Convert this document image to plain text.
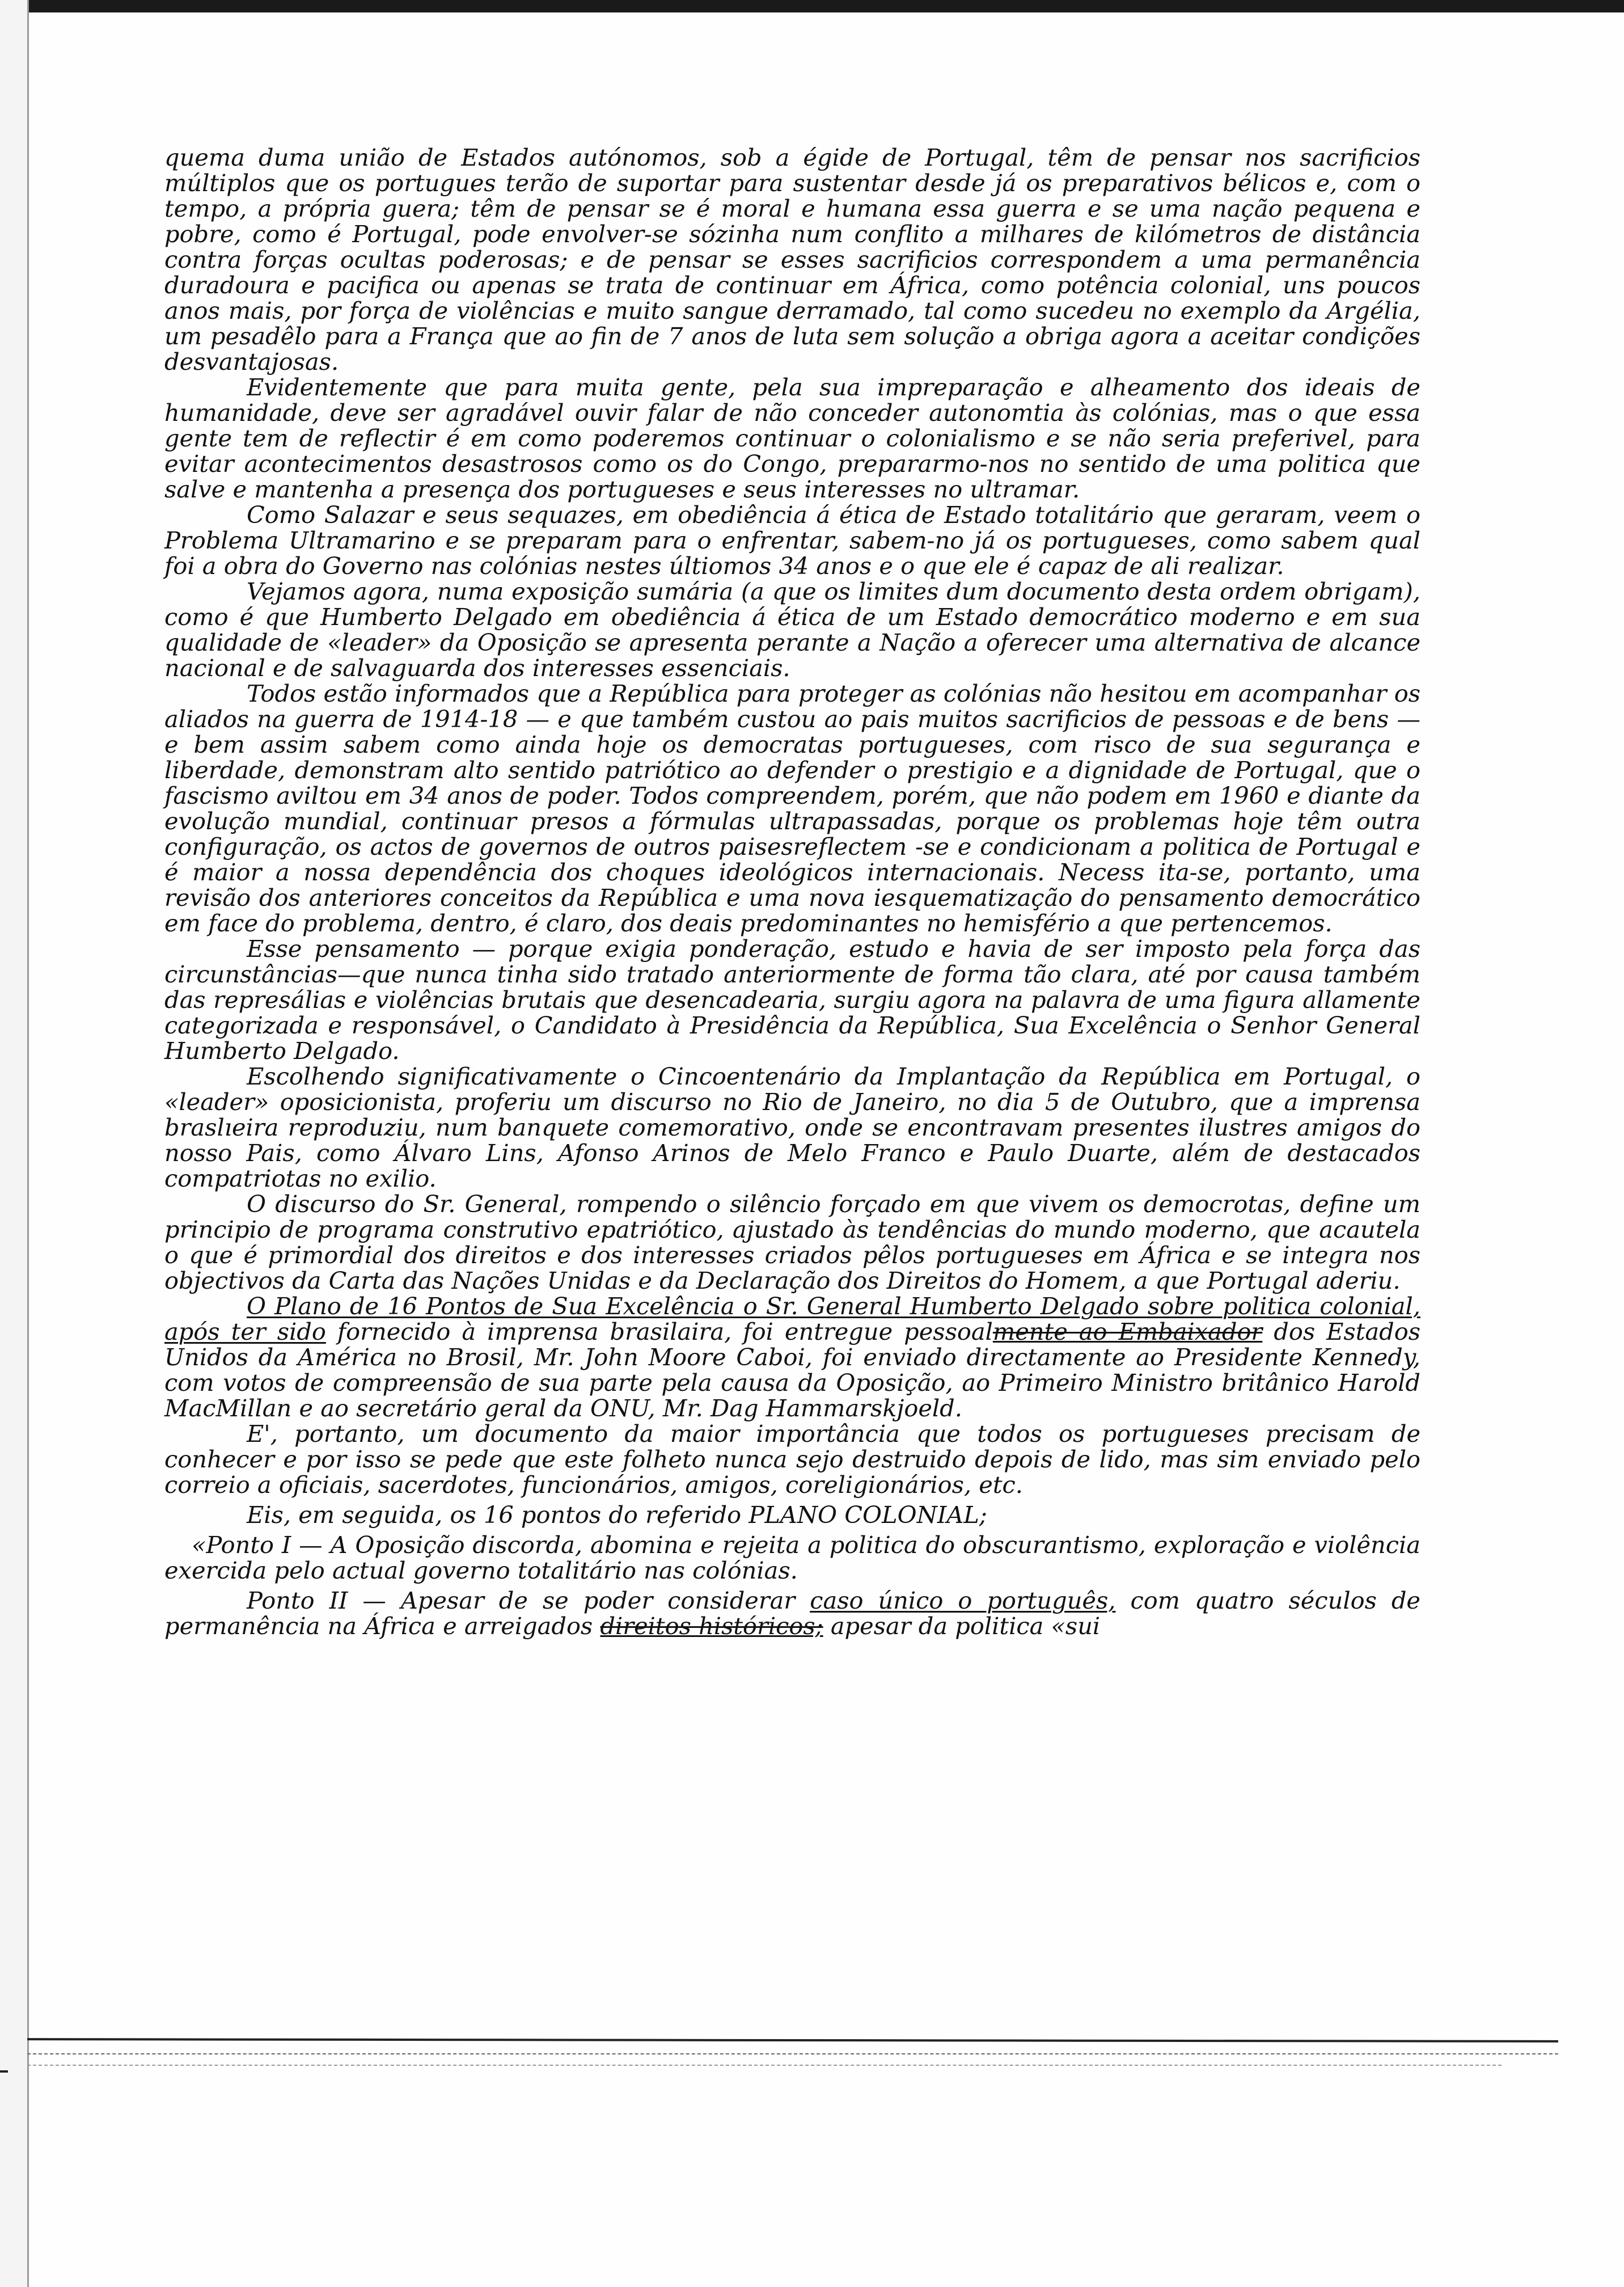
quema duma união de Estados autónomos, sob a égide de Portugal, têm de pensar nos sacrificios múltiplos que os portugues terão de suportar para sustentar desde já os preparativos bélicos e, com o tempo, a própria guera; têm de pensar se é moral e humana essa guerra e se uma nação pequena e pobre, como é Portugal, pode envolver-se sózinha num conflito a milhares de kilómetros de distância contra forças ocultas poderosas; e de pensar se esses sacrificios correspondem a uma permanência duradoura e pacifica ou apenas se trata de continuar em África, como potência colonial, uns poucos anos mais, por força de violências e muito sangue derramado, tal como sucedeu no exemplo da Argélia, um pesadêlo para a França que ao fin de 7 anos de luta sem solução a obriga agora a aceitar condições desvantajosas.

Evidentemente que para muita gente, pela sua impreparação e alheamento dos ideais de humanidade, deve ser agradável ouvir falar de não conceder autonomtia às colónias, mas o que essa gente tem de reflectir é em como poderemos continuar o colonialismo e se não seria preferivel, para evitar acontecimentos desastrosos como os do Congo, prepararmo-nos no sentido de uma politica que salve e mantenha a presença dos portugueses e seus interesses no ultramar.

Como Salazar e seus sequazes, em obediência á ética de Estado totalitário que geraram, veem o Problema Ultramarino e se preparam para o enfrentar, sabem-no já os portugueses, como sabem qual foi a obra do Governo nas colónias nestes últiomos 34 anos e o que ele é capaz de ali realizar.

Vejamos agora, numa exposição sumária (a que os limites dum documento desta ordem obrigam), como é que Humberto Delgado em obediência á ética de um Estado democrático moderno e em sua qualidade de «leader» da Oposição se apresenta perante a Nação a oferecer uma alternativa de alcance nacional e de salvaguarda dos interesses essenciais.

Todos estão informados que a República para proteger as colónias não hesitou em acompanhar os aliados na guerra de 1914-18 — e que também custou ao pais muitos sacrificios de pessoas e de bens — e bem assim sabem como ainda hoje os democratas portugueses, com risco de sua segurança e liberdade, demonstram alto sentido patriótico ao defender o prestigio e a dignidade de Portugal, que o fascismo aviltou em 34 anos de poder. Todos compreendem, porém, que não podem em 1960 e diante da evolução mundial, continuar presos a fórmulas ultrapassadas, porque os problemas hoje têm outra configuração, os actos de governos de outros paisesreflectem -se e condicionam a politica de Portugal e é maior a nossa dependência dos choques ideológicos internacionais. Necess ita-se, portanto, uma revisão dos anteriores conceitos da República e uma nova iesquematização do pensamento democrático em face do problema, dentro, é claro, dos deais predominantes no hemisfério a que pertencemos.

Esse pensamento — porque exigia ponderação, estudo e havia de ser imposto pela força das circunstâncias—que nunca tinha sido tratado anteriormente de forma tão clara, até por causa também das represálias e violências brutais que desencadearia, surgiu agora na palavra de uma figura allamente categorizada e responsável, o Candidato à Presidência da República, Sua Excelência o Senhor General Humberto Delgado.

Escolhendo significativamente o Cincoentenário da Implantação da República em Portugal, o «leader» oposicionista, proferiu um discurso no Rio de Janeiro, no dia 5 de Outubro, que a imprensa braslıeira reproduziu, num banquete comemorativo, onde se encontravam presentes ilustres amigos do nosso Pais, como Álvaro Lins, Afonso Arinos de Melo Franco e Paulo Duarte, além de destacados compatriotas no exilio.

O discurso do Sr. General, rompendo o silêncio forçado em que vivem os democrotas, define um principio de programa construtivo epatriótico, ajustado às tendências do mundo moderno, que acautela o que é primordial dos direitos e dos interesses criados pêlos portugueses em África e se integra nos objectivos da Carta das Nações Unidas e da Declaração dos Direitos do Homem, a que Portugal aderiu.

O Plano de 16 Pontos de Sua Excelência o Sr. General Humberto Delgado sobre politica colonial, após ter sido fornecido à imprensa brasilaira, foi entregue pessoalmente ao Embaixador dos Estados Unidos da América no Brosil, Mr. John Moore Caboi, foi enviado directamente ao Presidente Kennedy, com votos de compreensão de sua parte pela causa da Oposição, ao Primeiro Ministro britânico Harold MacMillan e ao secretário geral da ONU, Mr. Dag Hammarskjoeld.

E', portanto, um documento da maior importância que todos os portugueses precisam de conhecer e por isso se pede que este folheto nunca sejo destruido depois de lido, mas sim enviado pelo correio a oficiais, sacerdotes, funcionários, amigos, coreligionários, etc.

Eis, em seguida, os 16 pontos do referido PLANO COLONIAL;

«Ponto I — A Oposição discorda, abomina e rejeita a politica do obscurantismo, exploração e violência exercida pelo actual governo totalitário nas colónias.

Ponto II — Apesar de se poder considerar caso único o português, com quatro séculos de permanência na África e arreigados direitos históricos; apesar da politica «sui
